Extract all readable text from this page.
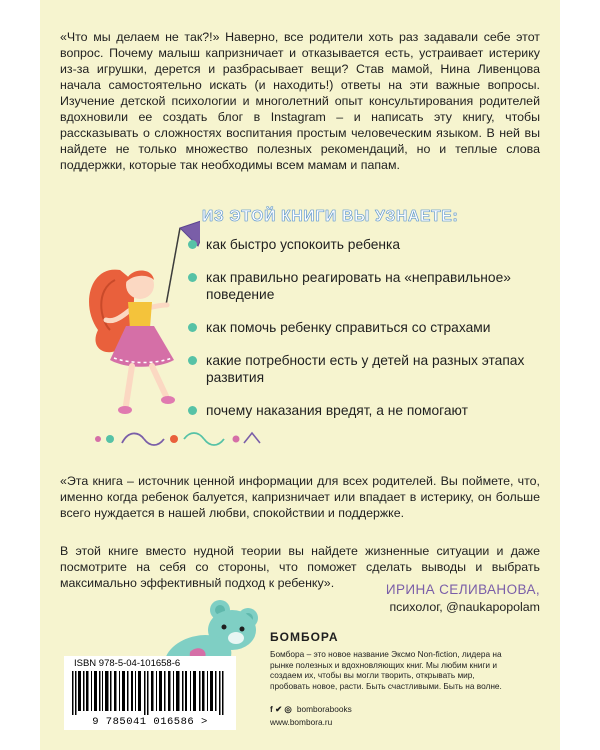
«Что мы делаем не так?!» Наверно, все родители хоть раз задавали себе этот вопрос. Почему малыш капризничает и отказывается есть, устраивает истерику из-за игрушки, дерется и разбрасывает вещи? Став мамой, Нина Ливенцова начала самостоятельно искать (и находить!) ответы на эти важные вопросы. Изучение детской психологии и многолетний опыт консультирования родителей вдохновили ее создать блог в Instagram – и написать эту книгу, чтобы рассказывать о сложностях воспитания простым человеческим языком. В ней вы найдете не только множество полезных рекомендаций, но и теплые слова поддержки, которые так необходимы всем мамам и папам.

ИЗ ЭТОЙ КНИГИ ВЫ УЗНАЕТЕ:
как быстро успокоить ребенка
как правильно реагировать на «неправильное» поведение
как помочь ребенку справиться со страхами
какие потребности есть у детей на разных этапах развития
почему наказания вредят, а не помогают

«Эта книга – источник ценной информации для всех родителей. Вы поймете, что, именно когда ребенок балуется, капризничает или впадает в истерику, он больше всего нуждается в нашей любви, спокойствии и поддержке.

В этой книге вместо нудной теории вы найдете жизненные ситуации и даже посмотрите на себя со стороны, что поможет сделать выводы и выбрать максимально эффективный подход к ребенку».	ИРИНА СЕЛИВАНОВА,
психолог, @naukapopolam
ISBN 978-5-04-101658-6
9 785041 016586 >
БОМБОРА
Бомбора – это новое название Эксмо Non-fiction, лидера на рынке полезных и вдохновляющих книг. Мы любим книги и создаем их, чтобы вы могли творить, открывать мир, пробовать новое, расти. Быть счастливыми. Быть на волне.
f ✔ ◎ bomborabooks
www.bombora.ru
